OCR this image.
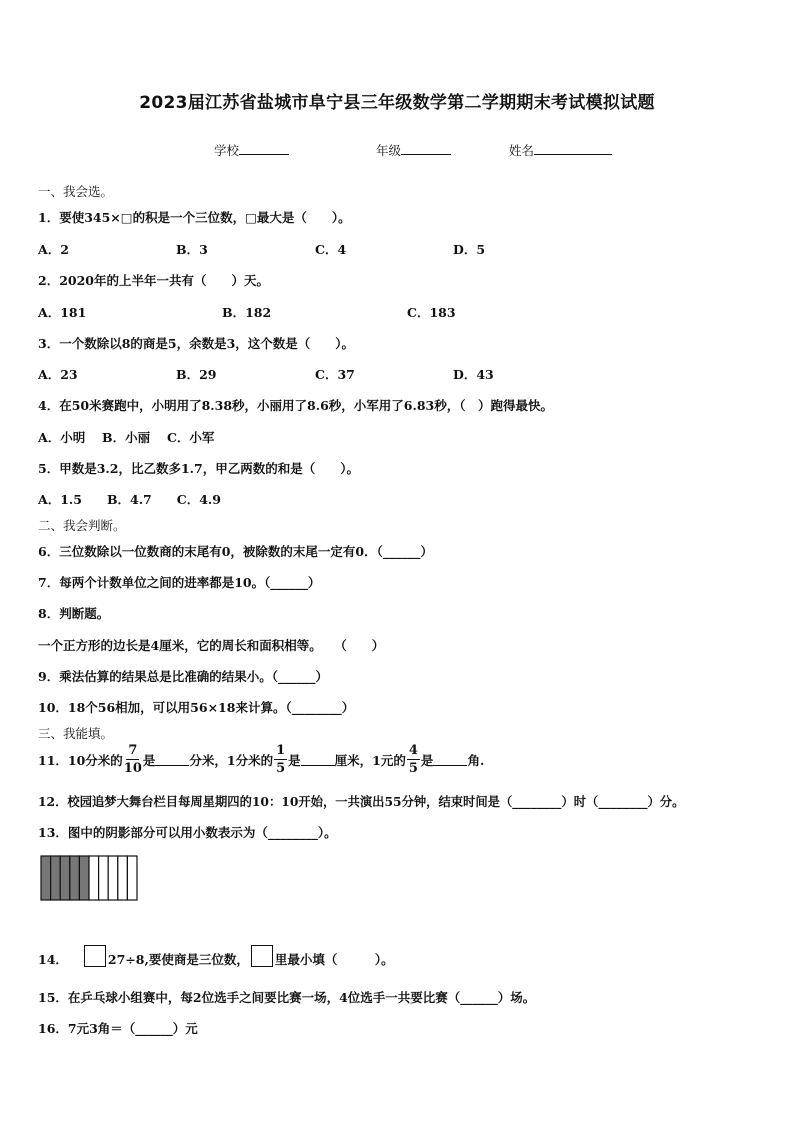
2023届江苏省盐城市阜宁县三年级数学第二学期期末考试模拟试题
学校	年级	姓名
一、我会选。
1．要使345×□的积是一个三位数，□最大是（　　）。
A．2	B．3	C．4	D．5
2．2020年的上半年一共有（　　）天。
A．181	B．182	C．183
3．一个数除以8的商是5，余数是3，这个数是（　　）。
A．23	B．29	C．37	D．43
4．在50米赛跑中，小明用了8.38秒，小丽用了8.6秒，小军用了6.83秒，（　）跑得最快。
A．小明　 B．小丽　 C．小军
5．甲数是3.2，比乙数多1.7，甲乙两数的和是（　　）。
A．1.5　　B．4.7　　C．4.9
二、我会判断。
6．三位数除以一位数商的末尾有0，被除数的末尾一定有0．（______）
7．每两个计数单位之间的进率都是10。（______）
8．判断题。
一个正方形的边长是4厘米，它的周长和面积相等。　　（　　）
9．乘法估算的结果总是比准确的结果小。（______）
10．18个56相加，可以用56×18来计算。（________）
三、我能填。
11．10分米的 $\frac{7}{10}$ 是	分米，1分米的 $\frac{1}{5}$ 是	厘米，1元的 $\frac{4}{5}$ 是	角.
12．校园追梦大舞台栏目每周星期四的10：10开始，一共演出55分钟，结束时间是（________）时（________）分。
13．图中的阴影部分可以用小数表示为（________）。
14．	27÷8,要使商是三位数， 里最小填（　　　）。
15．在乒乓球小组赛中，每2位选手之间要比赛一场，4位选手一共要比赛（______）场。
16．7元3角＝（______）元
